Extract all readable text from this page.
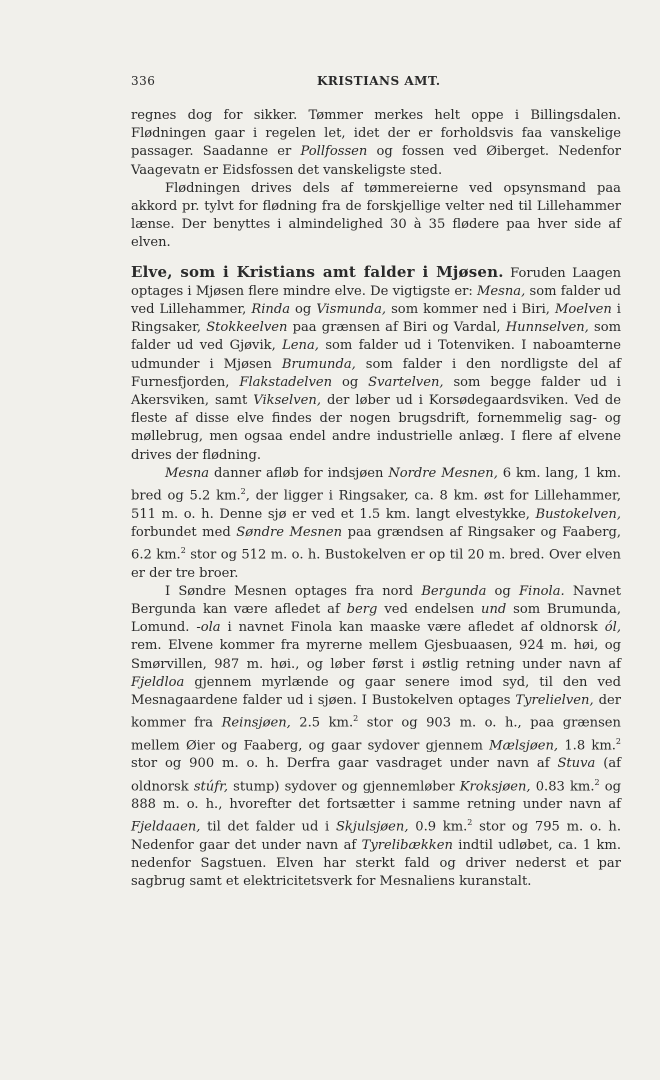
336	KRISTIANS AMT.

regnes dog for sikker. Tømmer merkes helt oppe i Billingsdalen. Flødningen gaar i regelen let, idet der er forholdsvis faa vanskelige passager. Saadanne er Pollfossen og fossen ved Øiberget. Nedenfor Vaagevatn er Eidsfossen det vanskeligste sted.

Flødningen drives dels af tømmereierne ved opsynsmand paa akkord pr. tylvt for flødning fra de forskjellige velter ned til Lillehammer lænse. Der benyttes i almindelighed 30 à 35 flødere paa hver side af elven.

Elve, som i Kristians amt falder i Mjøsen. Foruden Laagen optages i Mjøsen flere mindre elve. De vigtigste er: Mesna, som falder ud ved Lillehammer, Rinda og Vismunda, som kommer ned i Biri, Moelven i Ringsaker, Stokkeelven paa grænsen af Biri og Vardal, Hunnselven, som falder ud ved Gjøvik, Lena, som falder ud i Totenviken. I naboamterne udmunder i Mjøsen Brumunda, som falder i den nordligste del af Furnesfjorden, Flakstadelven og Svartelven, som begge falder ud i Akersviken, samt Vikselven, der løber ud i Korsødegaardsviken. Ved de fleste af disse elve findes der nogen brugsdrift, fornemmelig sag- og møllebrug, men ogsaa endel andre industrielle anlæg. I flere af elvene drives der flødning.

Mesna danner afløb for indsjøen Nordre Mesnen, 6 km. lang, 1 km. bred og 5.2 km.$^2$, der ligger i Ringsaker, ca. 8 km. øst for Lillehammer, 511 m. o. h. Denne sjø er ved et 1.5 km. langt elvestykke, Bustokelven, forbundet med Søndre Mesnen paa grændsen af Ringsaker og Faaberg, 6.2 km.$^2$ stor og 512 m. o. h. Bustokelven er op til 20 m. bred. Over elven er der tre broer.

I Søndre Mesnen optages fra nord Bergunda og Finola. Navnet Bergunda kan være afledet af berg ved endelsen und som Brumunda, Lomund. -ola i navnet Finola kan maaske være afledet af oldnorsk ól, rem. Elvene kommer fra myrerne mellem Gjesbuaasen, 924 m. høi, og Smørvillen, 987 m. høi., og løber først i østlig retning under navn af Fjeldloa gjennem myrlænde og gaar senere imod syd, til den ved Mesnagaardene falder ud i sjøen. I Bustokelven optages Tyrelielven, der kommer fra Reinsjøen, 2.5 km.$^2$ stor og 903 m. o. h., paa grænsen mellem Øier og Faaberg, og gaar sydover gjennem Mælsjøen, 1.8 km.$^2$ stor og 900 m. o. h. Derfra gaar vasdraget under navn af Stuva (af oldnorsk stúfr, stump) sydover og gjennemløber Kroksjøen, 0.83 km.$^2$ og 888 m. o. h., hvorefter det fortsætter i samme retning under navn af Fjeldaaen, til det falder ud i Skjulsjøen, 0.9 km.$^2$ stor og 795 m. o. h. Nedenfor gaar det under navn af Tyrelibækken indtil udløbet, ca. 1 km. nedenfor Sagstuen. Elven har sterkt fald og driver nederst et par sagbrug samt et elektricitetsverk for Mesnaliens kuranstalt.
